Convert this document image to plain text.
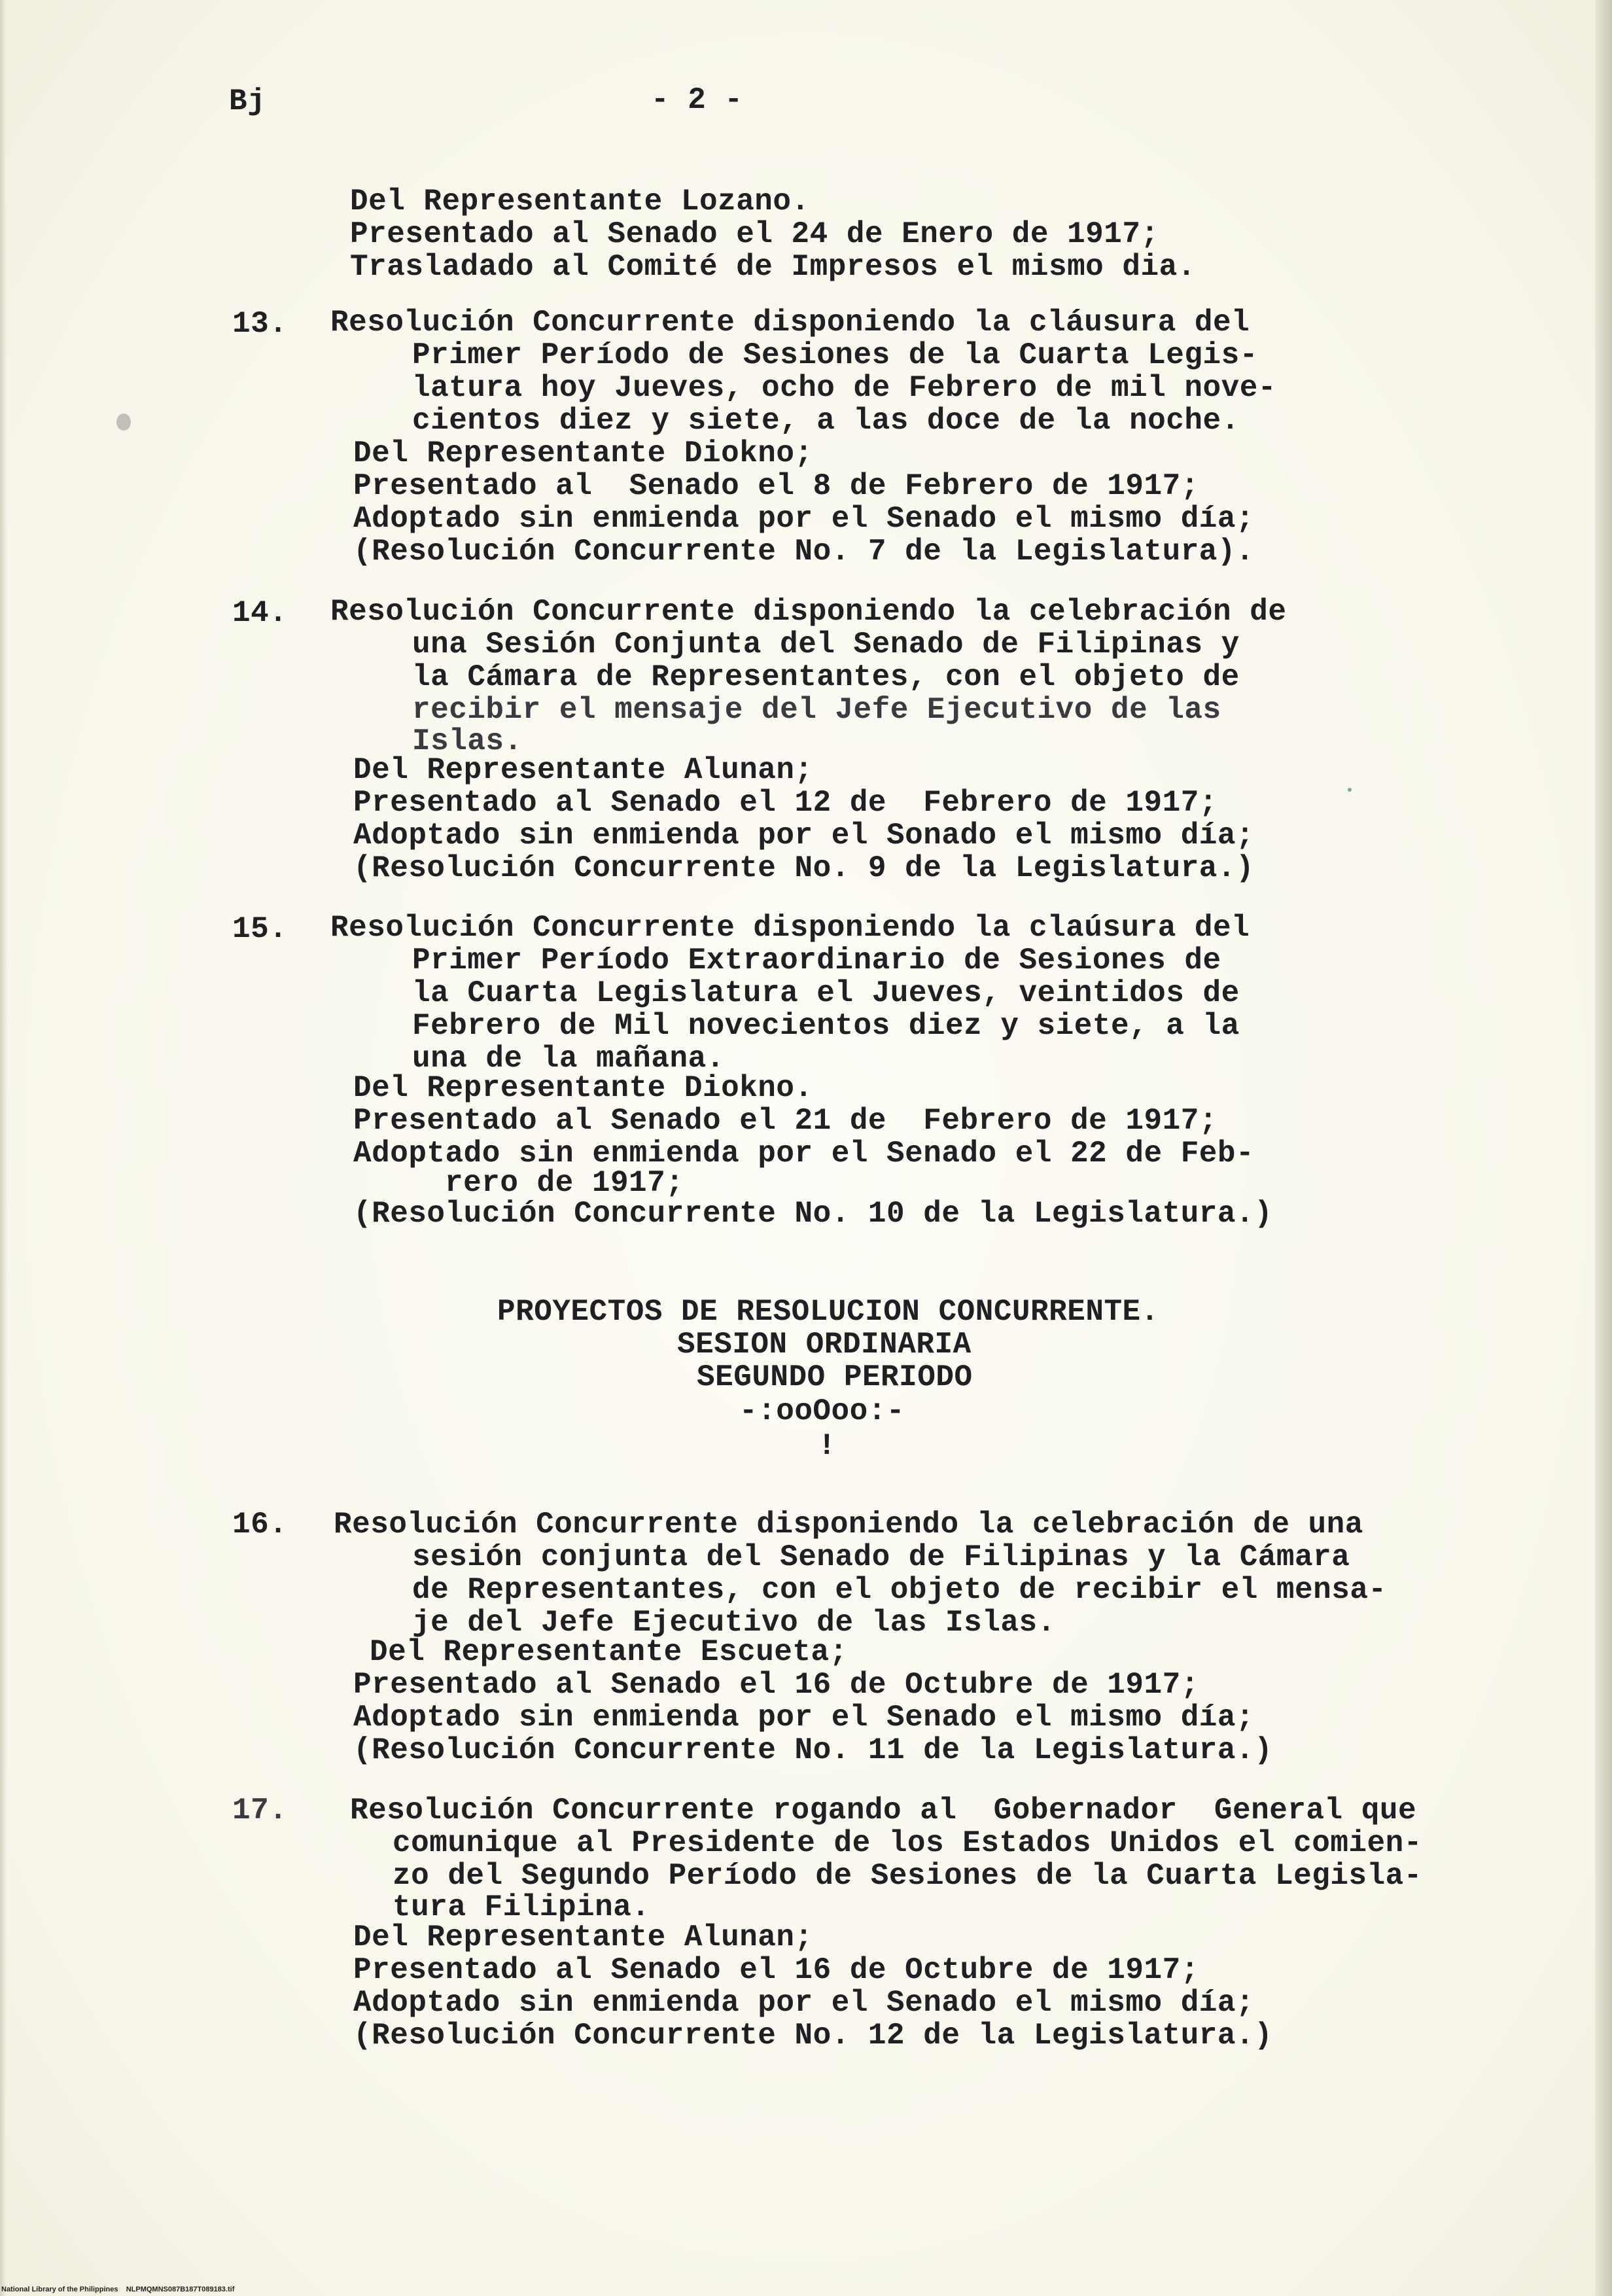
Bj	- 2 -

Del Representante Lozano.

Presentado al Senado el 24 de Enero de 1917;

Trasladado al Comité de Impresos el mismo dia.

13. Resolución Concurrente disponiendo la cláusura del

Primer Período de Sesiones de la Cuarta Legis-

latura hoy Jueves, ocho de Febrero de mil nove-

cientos diez y siete, a las doce de la noche.

Del Representante Diokno;

Presentado al  Senado el 8 de Febrero de 1917;

Adoptado sin enmienda por el Senado el mismo día;

(Resolución Concurrente No. 7 de la Legislatura).

14. Resolución Concurrente disponiendo la celebración de

una Sesión Conjunta del Senado de Filipinas y

la Cámara de Representantes, con el objeto de

recibir el mensaje del Jefe Ejecutivo de las

Islas.

Del Representante Alunan;

Presentado al Senado el 12 de  Febrero de 1917;

Adoptado sin enmienda por el Sonado el mismo día;

(Resolución Concurrente No. 9 de la Legislatura.)

15. Resolución Concurrente disponiendo la claúsura del

Primer Período Extraordinario de Sesiones de

la Cuarta Legislatura el Jueves, veintidos de

Febrero de Mil novecientos diez y siete, a la

una de la mañana.

Del Representante Diokno.

Presentado al Senado el 21 de  Febrero de 1917;

Adoptado sin enmienda por el Senado el 22 de Feb-

rero de 1917;

(Resolución Concurrente No. 10 de la Legislatura.)

PROYECTOS DE RESOLUCION CONCURRENTE.

SESION ORDINARIA

SEGUNDO PERIODO

-:ooOoo:-

!

16. Resolución Concurrente disponiendo la celebración de una

sesión conjunta del Senado de Filipinas y la Cámara

de Representantes, con el objeto de recibir el mensa-

je del Jefe Ejecutivo de las Islas.

Del Representante Escueta;

Presentado al Senado el 16 de Octubre de 1917;

Adoptado sin enmienda por el Senado el mismo día;

(Resolución Concurrente No. 11 de la Legislatura.)

17. Resolución Concurrente rogando al  Gobernador  General que

comunique al Presidente de los Estados Unidos el comien-

zo del Segundo Período de Sesiones de la Cuarta Legisla-

tura Filipina.

Del Representante Alunan;

Presentado al Senado el 16 de Octubre de 1917;

Adoptado sin enmienda por el Senado el mismo día;

(Resolución Concurrente No. 12 de la Legislatura.)

National Library of the Philippines    NLPMQMNS087B187T089183.tif
